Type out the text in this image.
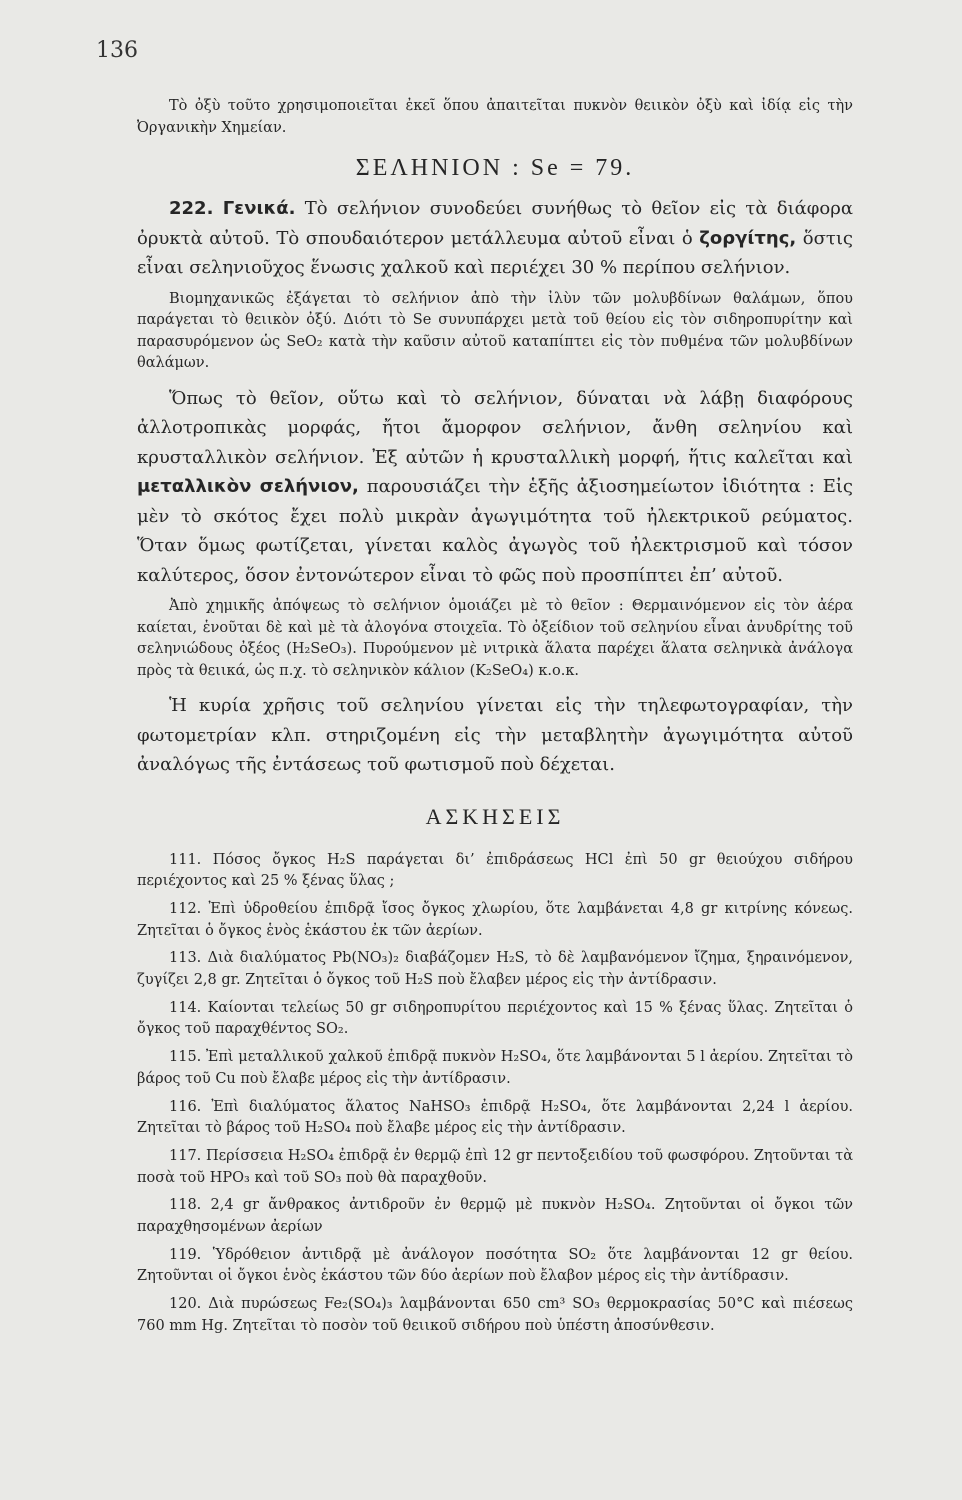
136

Τὸ ὀξὺ τοῦτο χρησιμοποιεῖται ἐκεῖ ὅπου ἀπαιτεῖται πυκνὸν θειικὸν ὀξὺ καὶ ἰδίᾳ εἰς τὴν Ὀργανικὴν Χημείαν.

ΣΕΛΗΝΙΟΝ : Se = 79.

222. Γενικά. Τὸ σελήνιον συνοδεύει συνήθως τὸ θεῖον εἰς τὰ διάφορα ὀρυκτὰ αὐτοῦ. Τὸ σπουδαιότερον μετάλλευμα αὐτοῦ εἶναι ὁ ζοργίτης, ὅστις εἶναι σεληνιοῦχος ἕνωσις χαλκοῦ καὶ περιέχει 30 % περίπου σελήνιον.

Βιομηχανικῶς ἐξάγεται τὸ σελήνιον ἀπὸ τὴν ἰλὺν τῶν μολυβδίνων θαλάμων, ὅπου παράγεται τὸ θειικὸν ὀξύ. Διότι τὸ Se συνυπάρχει μετὰ τοῦ θείου εἰς τὸν σιδηροπυρίτην καὶ παρασυρόμενον ὡς SeO₂ κατὰ τὴν καῦσιν αὐτοῦ καταπίπτει εἰς τὸν πυθμένα τῶν μολυβδίνων θαλάμων.

Ὅπως τὸ θεῖον, οὕτω καὶ τὸ σελήνιον, δύναται νὰ λάβῃ διαφόρους ἀλλοτροπικὰς μορφάς, ἤτοι ἄμορφον σελήνιον, ἄνθη σεληνίου καὶ κρυσταλλικὸν σελήνιον. Ἐξ αὐτῶν ἡ κρυσταλλικὴ μορφή, ἥτις καλεῖται καὶ μεταλλικὸν σελήνιον, παρουσιάζει τὴν ἑξῆς ἀξιοσημείωτον ἰδιότητα : Εἰς μὲν τὸ σκότος ἔχει πολὺ μικρὰν ἀγωγιμότητα τοῦ ἠλεκτρικοῦ ρεύματος. Ὅταν ὅμως φωτίζεται, γίνεται καλὸς ἀγωγὸς τοῦ ἠλεκτρισμοῦ καὶ τόσον καλύτερος, ὅσον ἐντονώτερον εἶναι τὸ φῶς ποὺ προσπίπτει ἐπ’ αὐτοῦ.

Ἀπὸ χημικῆς ἀπόψεως τὸ σελήνιον ὁμοιάζει μὲ τὸ θεῖον : Θερμαινόμενον εἰς τὸν ἀέρα καίεται, ἑνοῦται δὲ καὶ μὲ τὰ ἀλογόνα στοιχεῖα. Τὸ ὀξείδιον τοῦ σεληνίου εἶναι ἀνυδρίτης τοῦ σεληνιώδους ὀξέος (H₂SeO₃). Πυρούμενον μὲ νιτρικὰ ἅλατα παρέχει ἅλατα σεληνικὰ ἀνάλογα πρὸς τὰ θειικά, ὡς π.χ. τὸ σεληνικὸν κάλιον (K₂SeO₄) κ.ο.κ.

Ἡ κυρία χρῆσις τοῦ σεληνίου γίνεται εἰς τὴν τηλεφωτογραφίαν, τὴν φωτομετρίαν κλπ. στηριζομένη εἰς τὴν μεταβλητὴν ἀγωγιμότητα αὐτοῦ ἀναλόγως τῆς ἐντάσεως τοῦ φωτισμοῦ ποὺ δέχεται.

ΑΣΚΗΣΕΙΣ

111. Πόσος ὄγκος H₂S παράγεται δι’ ἐπιδράσεως HCl ἐπὶ 50 gr θειούχου σιδήρου περιέχοντος καὶ 25 % ξένας ὕλας ;

112. Ἐπὶ ὑδροθείου ἐπιδρᾷ ἴσος ὄγκος χλωρίου, ὅτε λαμβάνεται 4,8 gr κιτρίνης κόνεως. Ζητεῖται ὁ ὄγκος ἑνὸς ἑκάστου ἐκ τῶν ἀερίων.

113. Διὰ διαλύματος Pb(NO₃)₂ διαβάζομεν H₂S, τὸ δὲ λαμβανόμενον ἴζημα, ξηραινόμενον, ζυγίζει 2,8 gr. Ζητεῖται ὁ ὄγκος τοῦ H₂S ποὺ ἔλαβεν μέρος εἰς τὴν ἀντίδρασιν.

114. Καίονται τελείως 50 gr σιδηροπυρίτου περιέχοντος καὶ 15 % ξένας ὕλας. Ζητεῖται ὁ ὄγκος τοῦ παραχθέντος SO₂.

115. Ἐπὶ μεταλλικοῦ χαλκοῦ ἐπιδρᾷ πυκνὸν H₂SO₄, ὅτε λαμβάνονται 5 l ἀερίου. Ζητεῖται τὸ βάρος τοῦ Cu ποὺ ἔλαβε μέρος εἰς τὴν ἀντίδρασιν.

116. Ἐπὶ διαλύματος ἅλατος NaHSO₃ ἐπιδρᾷ H₂SO₄, ὅτε λαμβάνονται 2,24 l ἀερίου. Ζητεῖται τὸ βάρος τοῦ H₂SO₄ ποὺ ἔλαβε μέρος εἰς τὴν ἀντίδρασιν.

117. Περίσσεια H₂SO₄ ἐπιδρᾷ ἐν θερμῷ ἐπὶ 12 gr πεντοξειδίου τοῦ φωσφόρου. Ζητοῦνται τὰ ποσὰ τοῦ HPO₃ καὶ τοῦ SO₃ ποὺ θὰ παραχθοῦν.

118. 2,4 gr ἄνθρακος ἀντιδροῦν ἐν θερμῷ μὲ πυκνὸν H₂SO₄. Ζητοῦνται οἱ ὄγκοι τῶν παραχθησομένων ἀερίων

119. Ὑδρόθειον ἀντιδρᾷ μὲ ἀνάλογον ποσότητα SO₂ ὅτε λαμβάνονται 12 gr θείου. Ζητοῦνται οἱ ὄγκοι ἑνὸς ἑκάστου τῶν δύο ἀερίων ποὺ ἔλαβον μέρος εἰς τὴν ἀντίδρασιν.

120. Διὰ πυρώσεως Fe₂(SO₄)₃ λαμβάνονται 650 cm³ SO₃ θερμοκρασίας 50°C καὶ πιέσεως 760 mm Hg. Ζητεῖται τὸ ποσὸν τοῦ θειικοῦ σιδήρου ποὺ ὑπέστη ἀποσύνθεσιν.
